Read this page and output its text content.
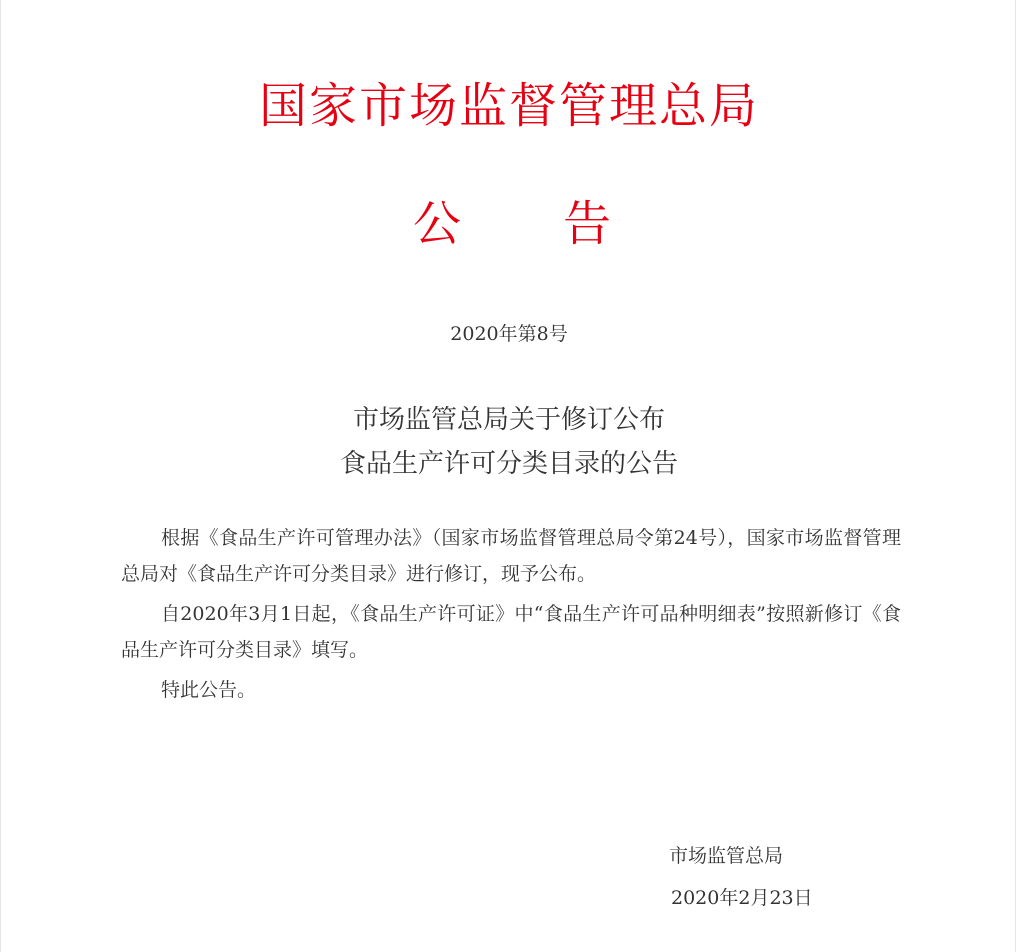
国家市场监督管理总局
公	告
2020年第8号
市场监管总局关于修订公布
食品生产许可分类目录的公告
根据《食品生产许可管理办法》（国家市场监督管理总局令第24号），国家市场监督管理总局对《食品生产许可分类目录》进行修订，现予公布。
自2020年3月1日起，《食品生产许可证》中“食品生产许可品种明细表”按照新修订《食品生产许可分类目录》填写。
特此公告。
市场监管总局
2020年2月23日
